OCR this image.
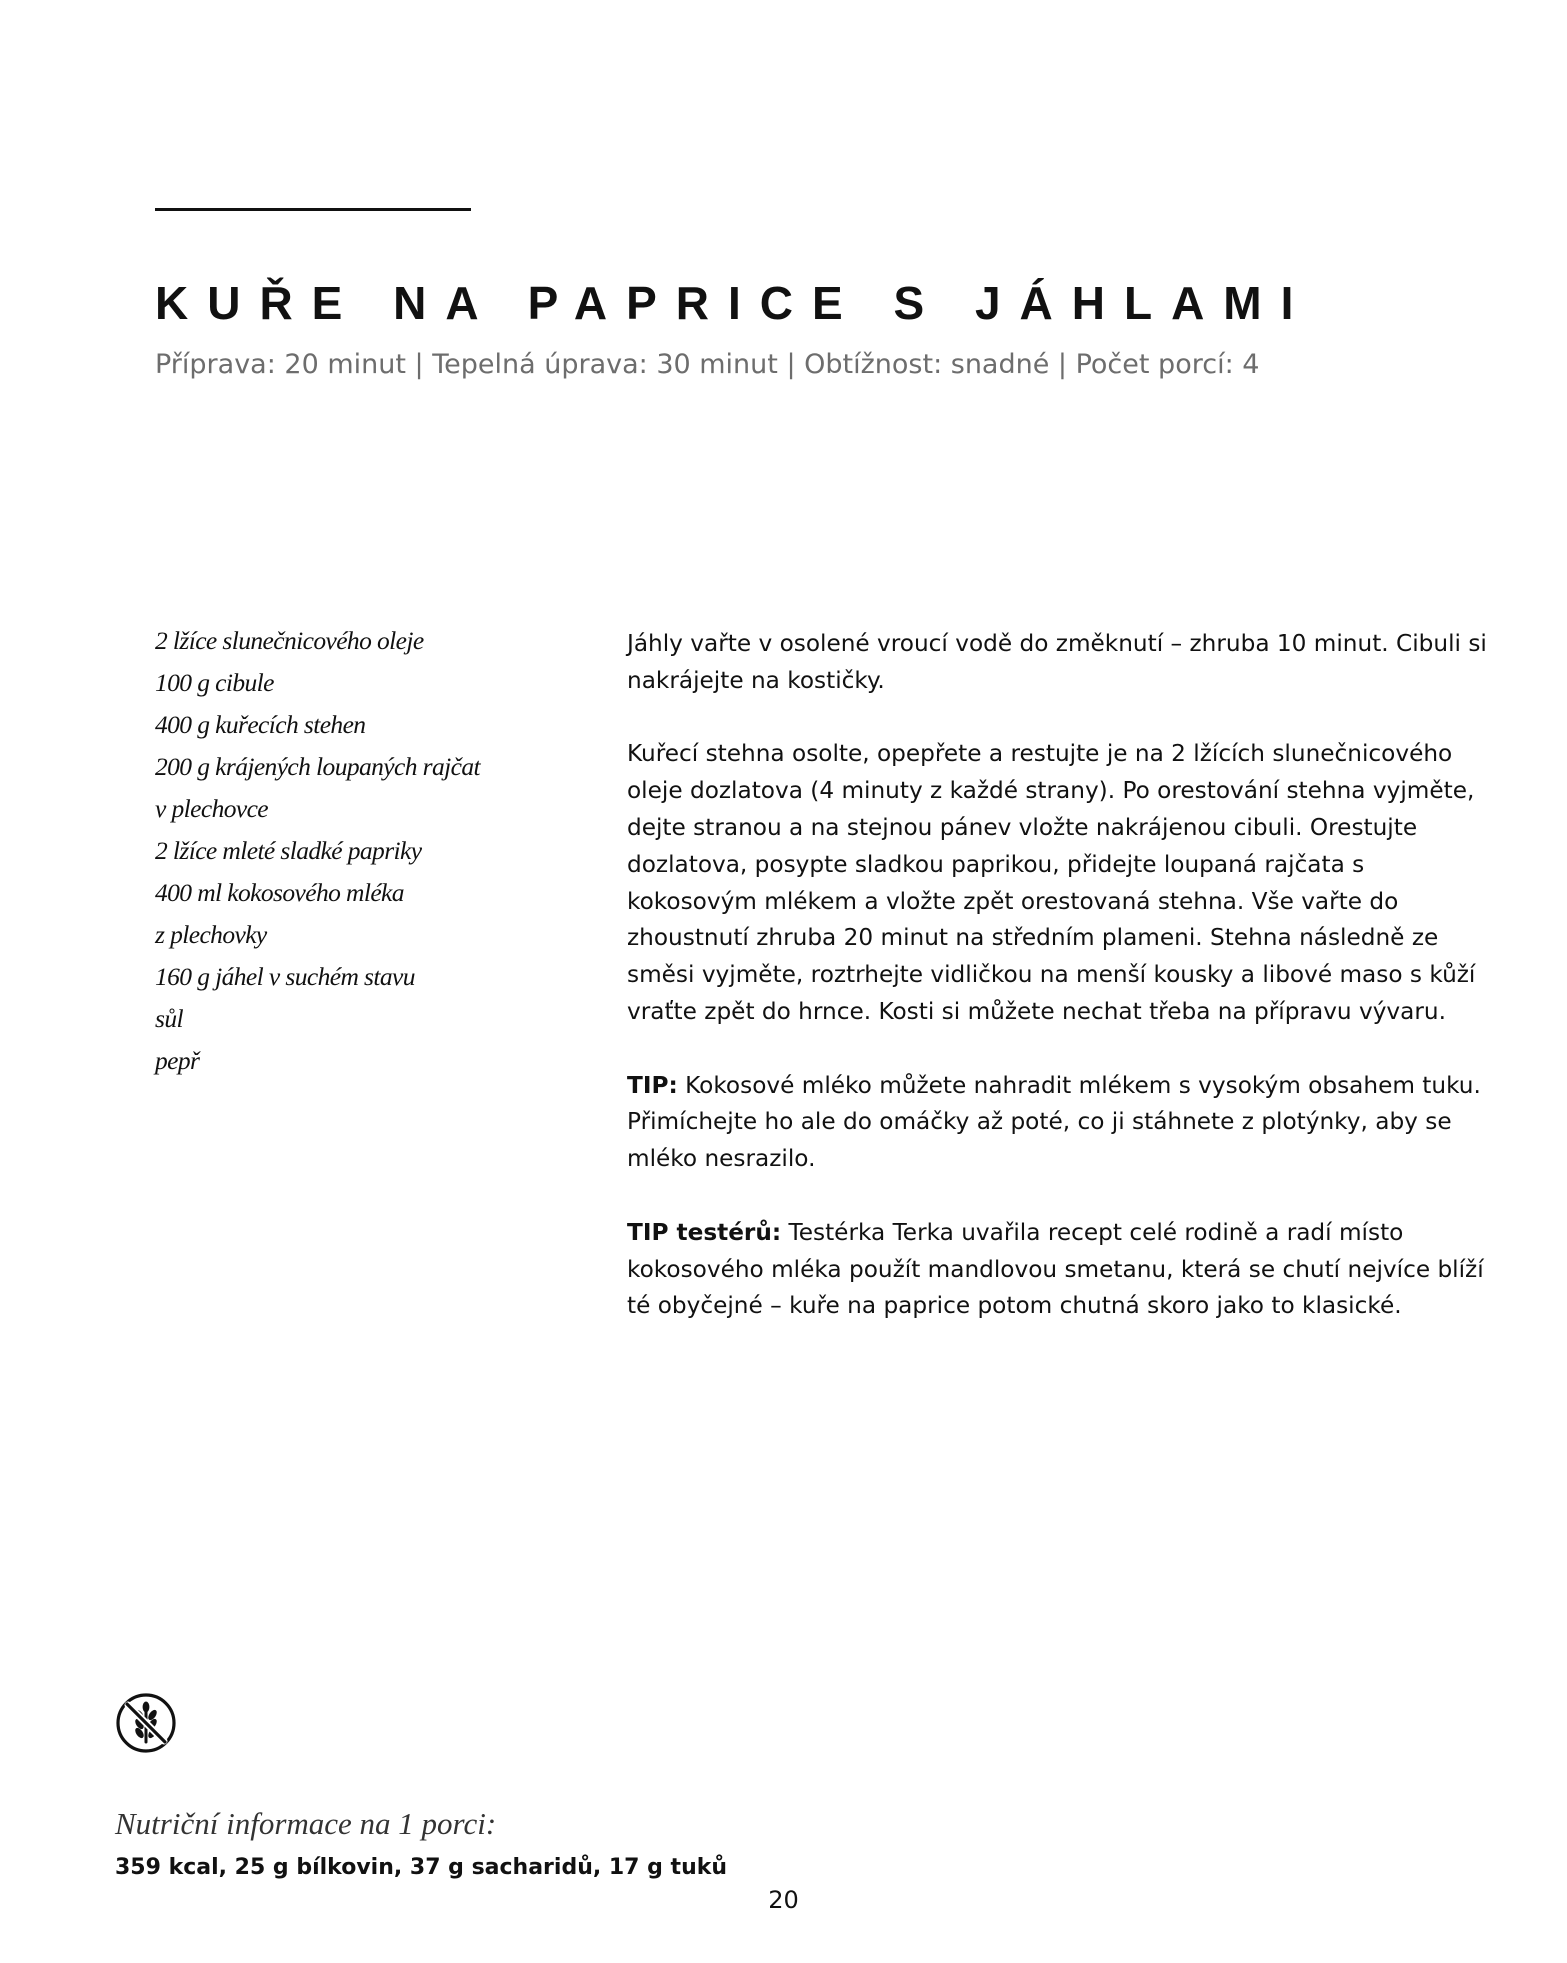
KUŘE NA PAPRICE S JÁHLAMI
Příprava: 20 minut | Tepelná úprava: 30 minut | Obtížnost: snadné | Počet porcí: 4
2 lžíce slunečnicového oleje
100 g cibule
400 g kuřecích stehen
200 g krájených loupaných rajčat
v plechovce
2 lžíce mleté sladké papriky
400 ml kokosového mléka
z plechovky
160 g jáhel v suchém stavu
sůl
pepř

Jáhly vařte v osolené vroucí vodě do změknutí – zhruba 10 minut. Cibuli si nakrájejte na kostičky.

Kuřecí stehna osolte, opepřete a restujte je na 2 lžících slunečnicového oleje dozlatova (4 minuty z každé strany). Po orestování stehna vyjměte, dejte stranou a na stejnou pánev vložte nakrájenou cibuli. Orestujte dozlatova, posypte sladkou paprikou, přidejte loupaná rajčata s kokosovým mlékem a vložte zpět orestovaná stehna. Vše vařte do zhoustnutí zhruba 20 minut na středním plameni. Stehna následně ze směsi vyjměte, roztrhejte vidličkou na menší kousky a libové maso s kůží vraťte zpět do hrnce. Kosti si můžete nechat třeba na přípravu vývaru.

TIP: Kokosové mléko můžete nahradit mlékem s vysokým obsahem tuku. Přimíchejte ho ale do omáčky až poté, co ji stáhnete z plotýnky, aby se mléko nesrazilo.

TIP testérů: Testérka Terka uvařila recept celé rodině a radí místo kokosového mléka použít mandlovou smetanu, která se chutí nejvíce blíží té obyčejné – kuře na paprice potom chutná skoro jako to klasické.

Nutriční informace na 1 porci:
359 kcal, 25 g bílkovin, 37 g sacharidů, 17 g tuků
20
